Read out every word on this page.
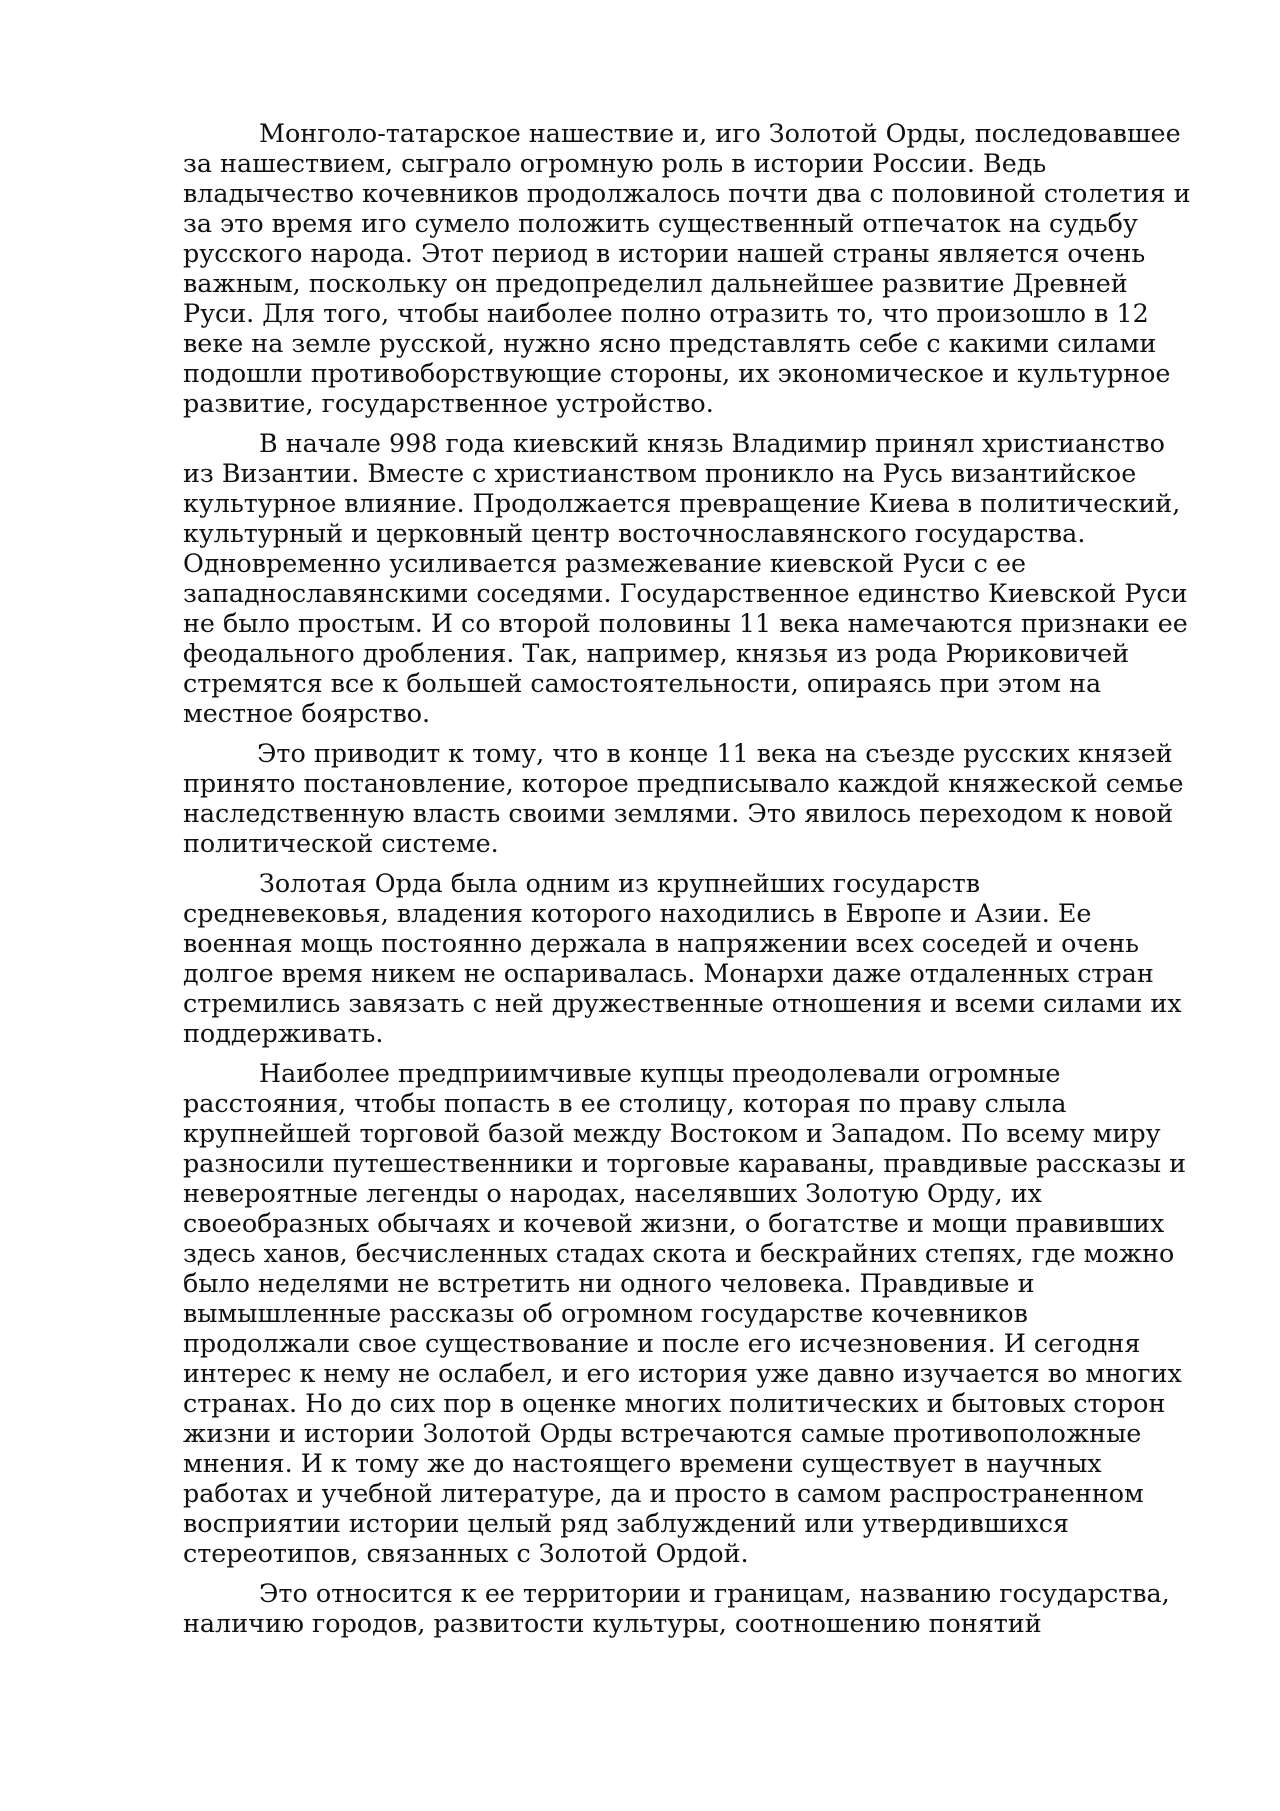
Монголо-татарское нашествие и, иго Золотой Орды, последовавшее за нашествием, сыграло огромную роль в истории России. Ведь владычество кочевников продолжалось почти два с половиной столетия и за это время иго сумело положить существенный отпечаток на судьбу русского народа. Этот период в истории нашей страны является очень важным, поскольку он предопределил дальнейшее развитие Древней Руси. Для того, чтобы наиболее полно отразить то, что произошло в 12 веке на земле русской, нужно ясно представлять себе с какими силами подошли противоборствующие стороны, их экономическое и культурное развитие, государственное устройство.

В начале 998 года киевский князь Владимир принял христианство из Византии. Вместе с христианством проникло на Русь византийское культурное влияние. Продолжается превращение Киева в политический, культурный и церковный центр восточнославянского государства. Одновременно усиливается размежевание киевской Руси с ее западнославянскими соседями. Государственное единство Киевской Руси не было простым. И со второй половины 11 века намечаются признаки ее феодального дробления. Так, например, князья из рода Рюриковичей стремятся все к большей самостоятельности, опираясь при этом на местное боярство.

Это приводит к тому, что в конце 11 века на съезде русских князей принято постановление, которое предписывало каждой княжеской семье наследственную власть своими землями. Это явилось переходом к новой политической системе.

Золотая Орда была одним из крупнейших государств средневековья, владения которого находились в Европе и Азии. Ее военная мощь постоянно держала в напряжении всех соседей и очень долгое время никем не оспаривалась. Монархи даже отдаленных стран стремились завязать с ней дружественные отношения и всеми силами их поддерживать.

Наиболее предприимчивые купцы преодолевали огромные расстояния, чтобы попасть в ее столицу, которая по праву слыла крупнейшей торговой базой между Востоком и Западом. По всему миру разносили путешественники и торговые караваны, правдивые рассказы и невероятные легенды о народах, населявших Золотую Орду, их своеобразных обычаях и кочевой жизни, о богатстве и мощи правивших здесь ханов, бесчисленных стадах скота и бескрайних степях, где можно было неделями не встретить ни одного человека. Правдивые и вымышленные рассказы об огромном государстве кочевников продолжали свое существование и после его исчезновения. И сегодня интерес к нему не ослабел, и его история уже давно изучается во многих странах. Но до сих пор в оценке многих политических и бытовых сторон жизни и истории Золотой Орды встречаются самые противоположные мнения. И к тому же до настоящего времени существует в научных работах и учебной литературе, да и просто в самом распространенном восприятии истории целый ряд заблуждений или утвердившихся стереотипов, связанных с Золотой Ордой.

Это относится к ее территории и границам, названию государства, наличию городов, развитости культуры, соотношению понятий
